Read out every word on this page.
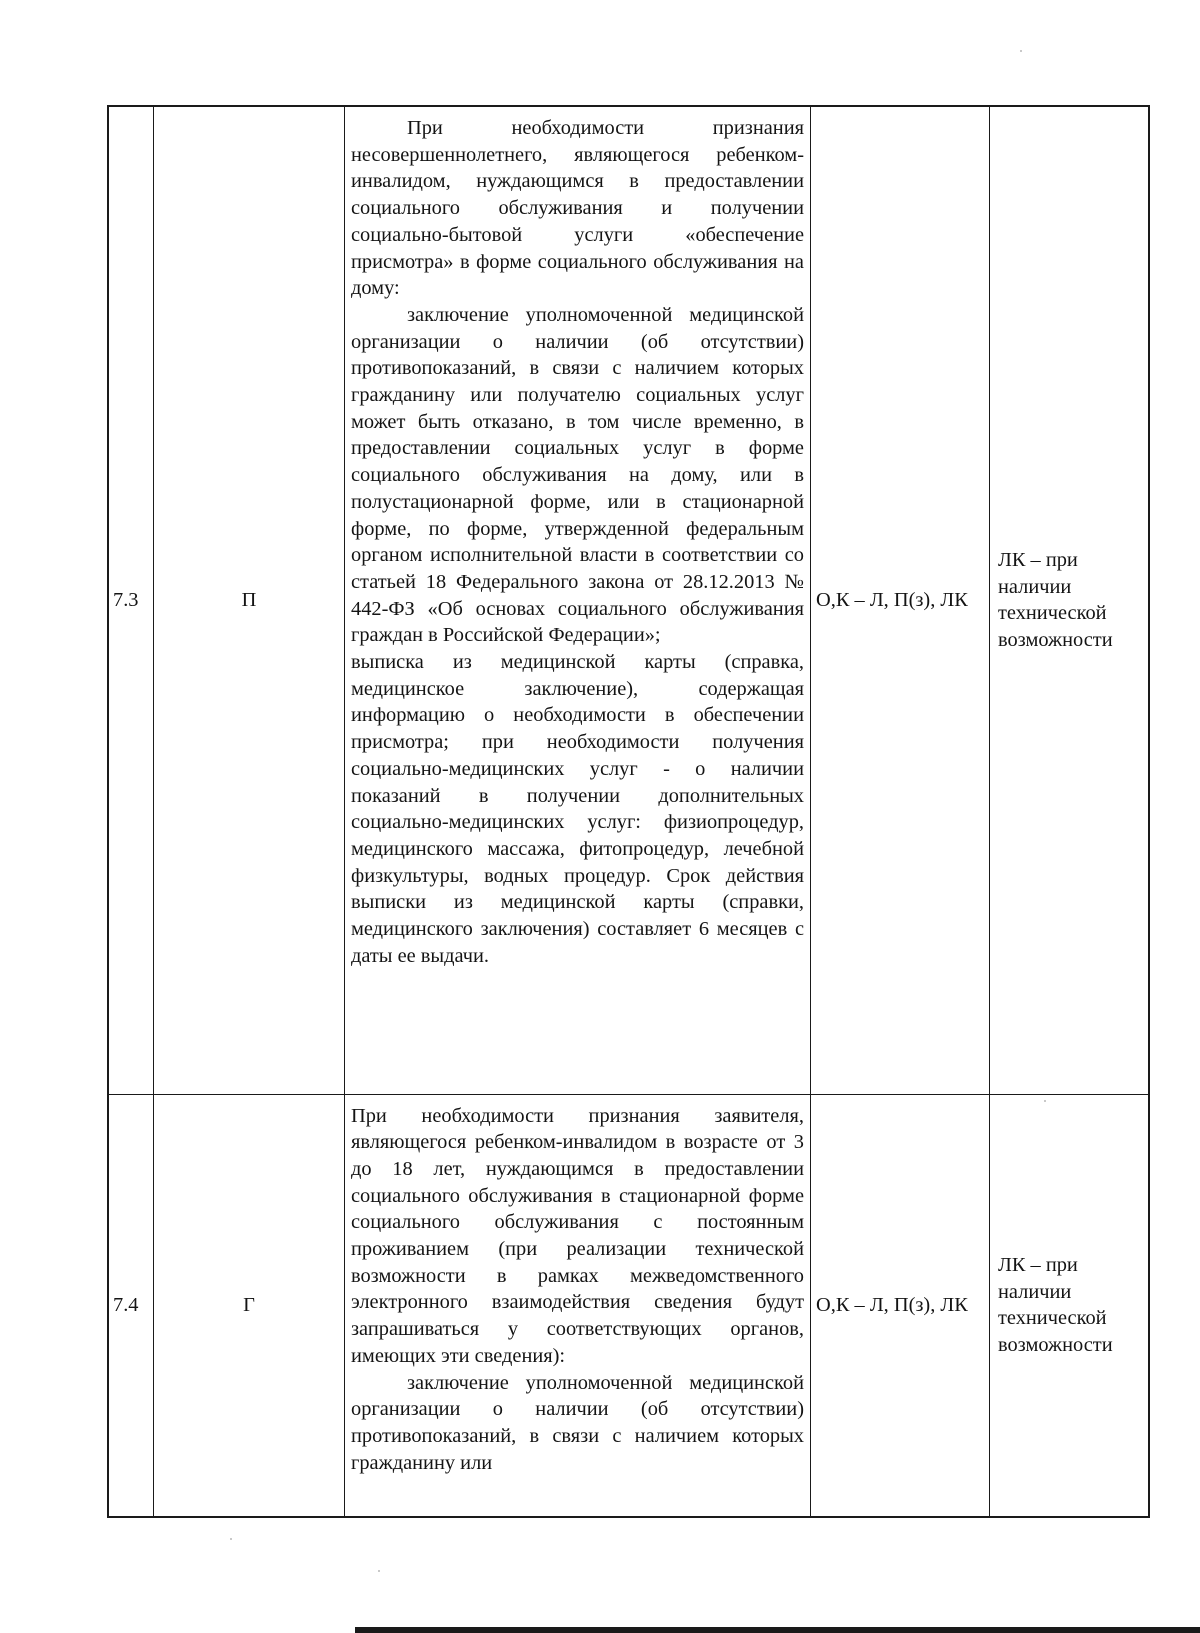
7.3	П	При необходимости признания несовершеннолетнего, являющегося ребенком-инвалидом, нуждающимся в предоставлении социального обслуживания и получении социально-бытовой услуги «обеспечение присмотра» в форме социального обслуживания на дому:

заключение уполномоченной медицинской организации о наличии (об отсутствии) противопоказаний, в связи с наличием которых гражданину или получателю социальных услуг может быть отказано, в том числе временно, в предоставлении социальных услуг в форме социального обслуживания на дому, или в полустационарной форме, или в стационарной форме, по форме, утвержденной федеральным органом исполнительной власти в соответствии со статьей 18 Федерального закона от 28.12.2013 № 442-ФЗ «Об основах социального обслуживания граждан в Российской Федерации»;

выписка из медицинской карты (справка, медицинское заключение), содержащая информацию о необходимости в обеспечении присмотра; при необходимости получения социально-медицинских услуг - о наличии показаний в получении дополнительных социально-медицинских услуг: физиопроцедур, медицинского массажа, фитопроцедур, лечебной физкультуры, водных процедур. Срок действия выписки из медицинской карты (справки, медицинского заключения) составляет 6 месяцев с даты ее выдачи.	О,К – Л, П(з), ЛК	ЛК – при наличии технической возможности

7.4	Г	При необходимости признания заявителя, являющегося ребенком-инвалидом в возрасте от 3 до 18 лет, нуждающимся в предоставлении социального обслуживания в стационарной форме социального обслуживания с постоянным проживанием (при реализации технической возможности в рамках межведомственного электронного взаимодействия сведения будут запрашиваться у соответствующих органов, имеющих эти сведения):

заключение уполномоченной медицинской организации о наличии (об отсутствии) противопоказаний, в связи с наличием которых гражданину или	О,К – Л, П(з), ЛК	ЛК – при наличии технической возможности
